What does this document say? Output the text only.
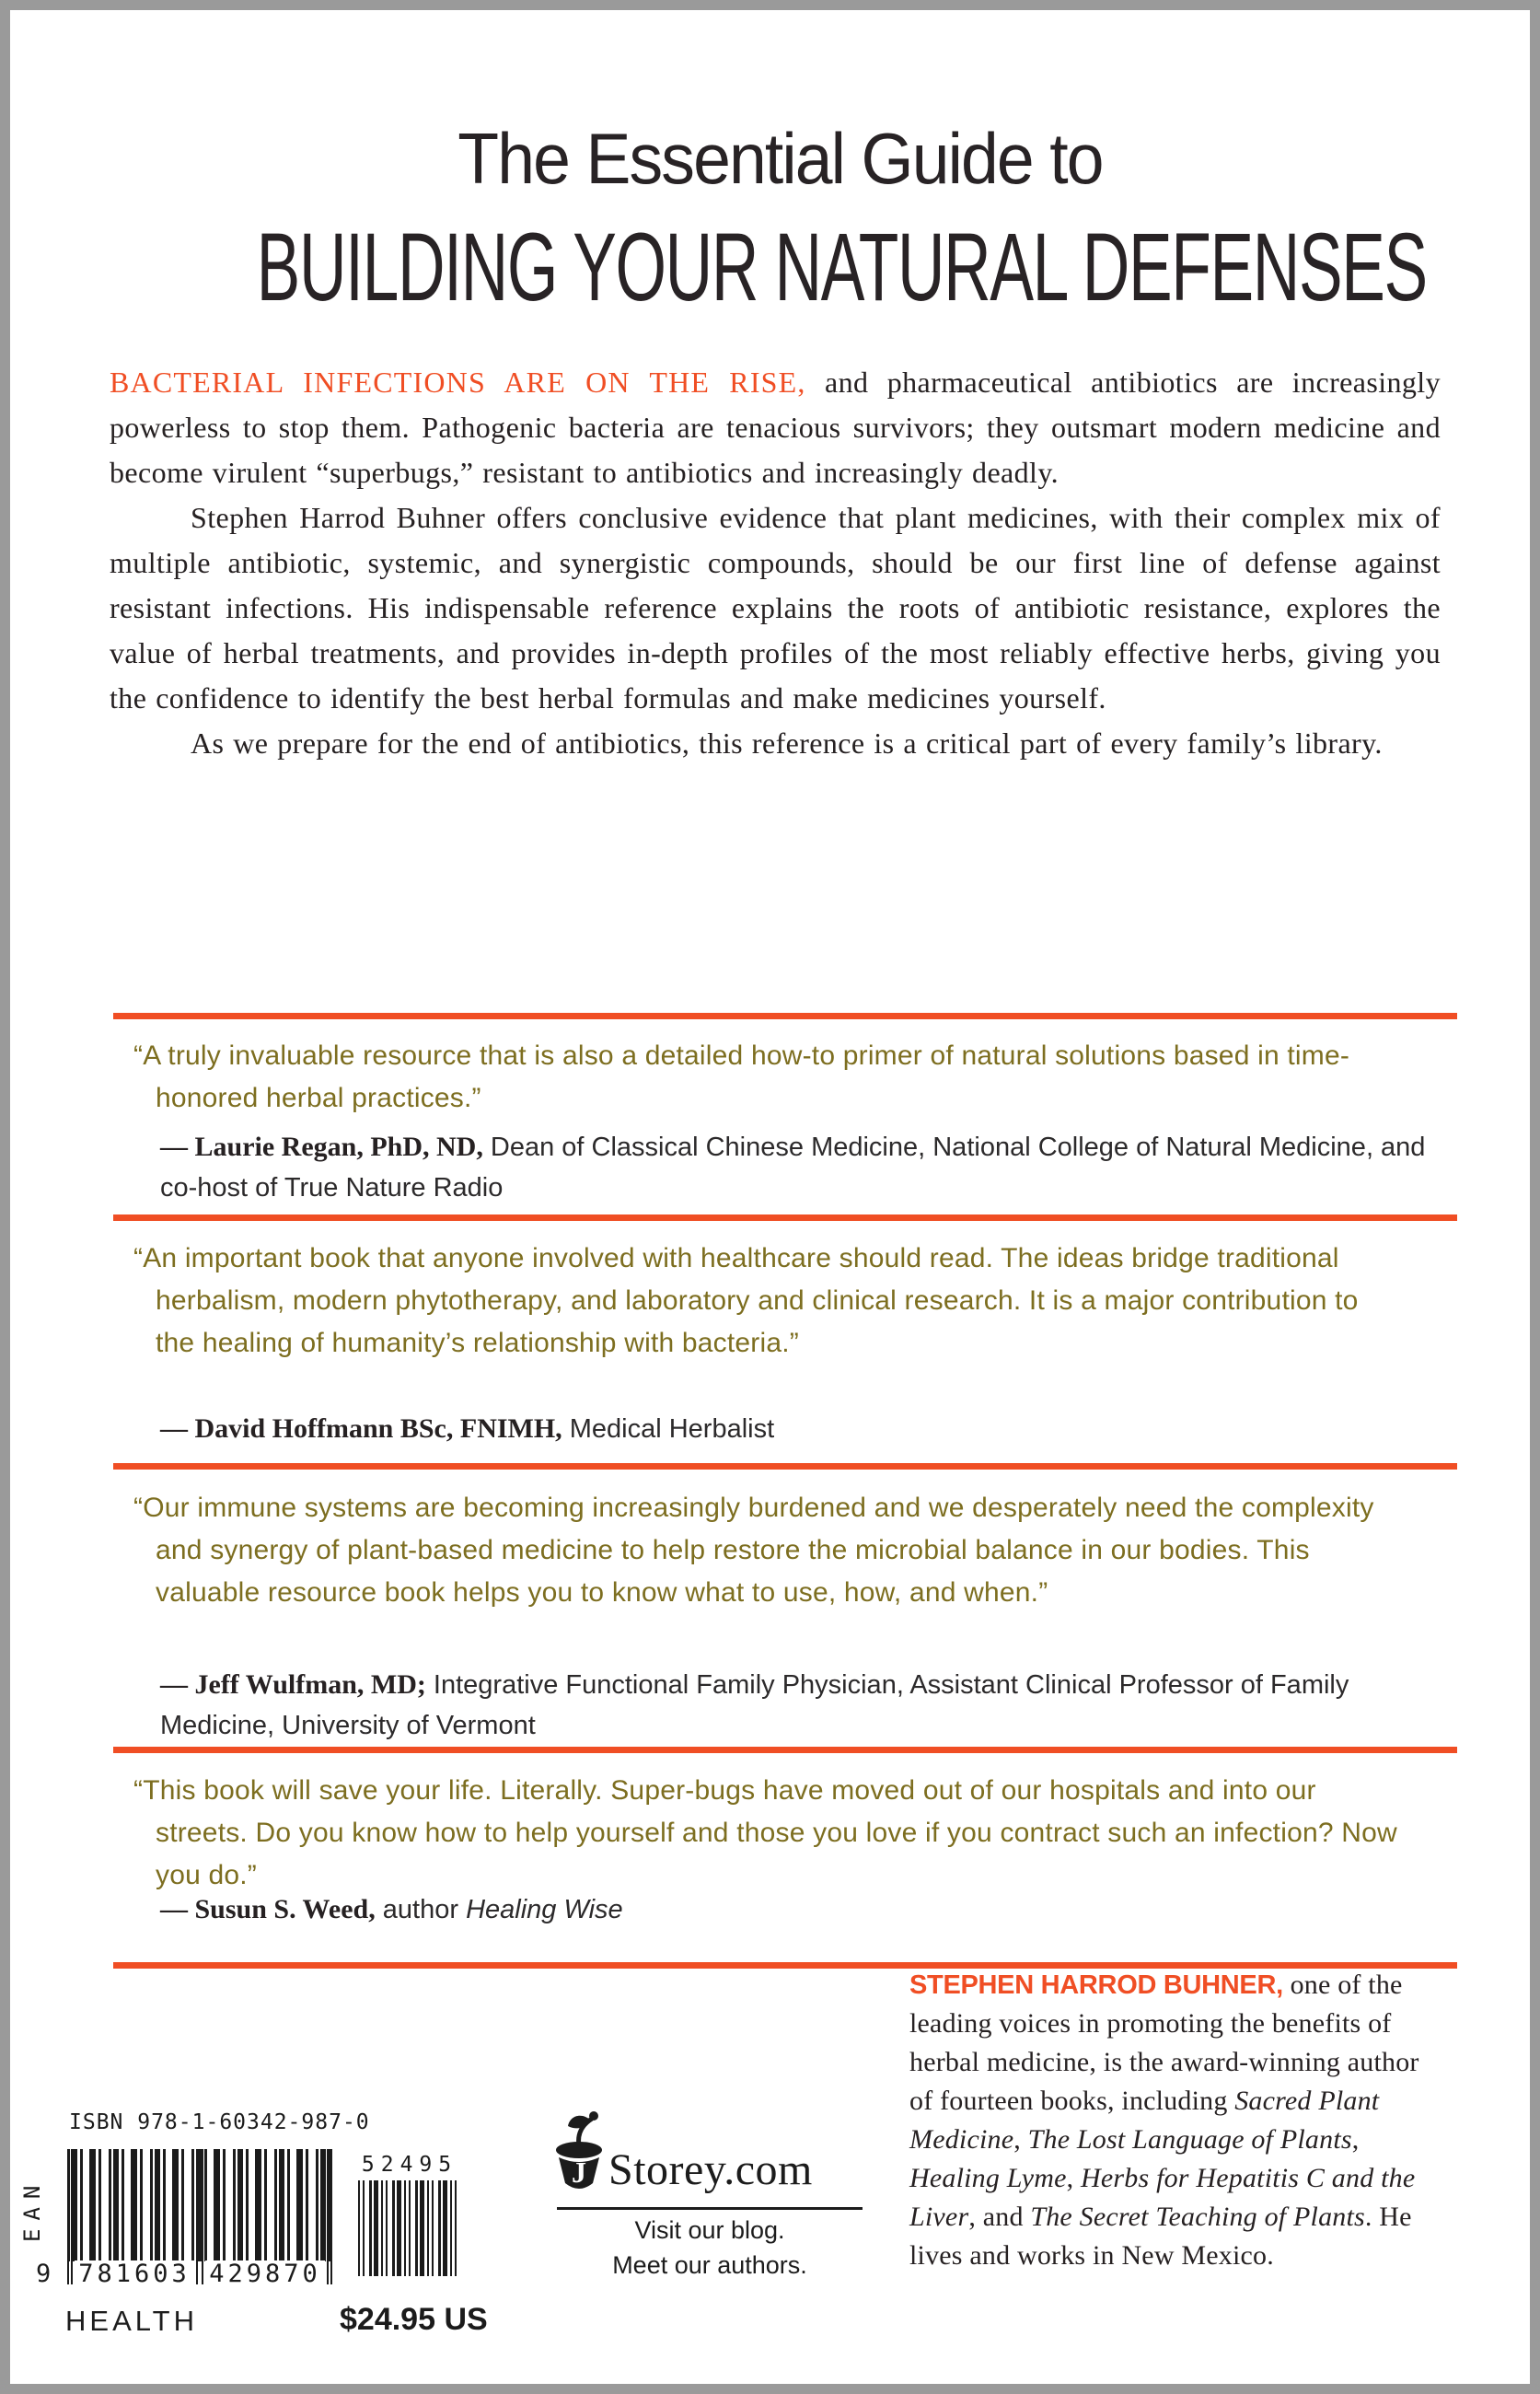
The Essential Guide to
BUILDING YOUR NATURAL DEFENSES

BACTERIAL INFECTIONS ARE ON THE RISE, and pharmaceutical antibiotics are increasingly powerless to stop them. Pathogenic bacteria are tenacious survivors; they outsmart modern medicine and become virulent “superbugs,” resistant to antibiotics and increasingly deadly.

Stephen Harrod Buhner offers conclusive evidence that plant medicines, with their complex mix of multiple antibiotic, systemic, and synergistic compounds, should be our first line of defense against resistant infections. His indispensable reference explains the roots of antibiotic resistance, explores the value of herbal treatments, and provides in-depth profiles of the most reliably effective herbs, giving you the confidence to identify the best herbal formulas and make medicines yourself.

As we prepare for the end of antibiotics, this reference is a critical part of every family’s library.

“A truly invaluable resource that is also a detailed how-to primer of natural solutions based in time-honored herbal practices.”
— Laurie Regan, PhD, ND, Dean of Classical Chinese Medicine, National College of Natural Medicine, and co-host of True Nature Radio
“An important book that anyone involved with healthcare should read. The ideas bridge traditional herbalism, modern phytotherapy, and laboratory and clinical research. It is a major contribution to the healing of humanity’s relationship with bacteria.”
— David Hoffmann BSc, FNIMH, Medical Herbalist
“Our immune systems are becoming increasingly burdened and we desperately need the complexity and synergy of plant-based medicine to help restore the microbial balance in our bodies. This valuable resource book helps you to know what to use, how, and when.”
— Jeff Wulfman, MD; Integrative Functional Family Physician, Assistant Clinical Professor of Family Medicine, University of Vermont
“This book will save your life. Literally. Super-bugs have moved out of our hospitals and into our streets. Do you know how to help yourself and those you love if you contract such an infection? Now you do.”
— Susun S. Weed, author Healing Wise
ISBN 978-1-60342-987-0
EAN
9 781603 429870
52495
HEALTH	$24.95 US
J Storey.com
Visit our blog.
Meet our authors.
STEPHEN HARROD BUHNER, one of the leading voices in promoting the benefits of herbal medicine, is the award-winning author of fourteen books, including Sacred Plant Medicine, The Lost Language of Plants, Healing Lyme, Herbs for Hepatitis C and the Liver, and The Secret Teaching of Plants. He lives and works in New Mexico.
